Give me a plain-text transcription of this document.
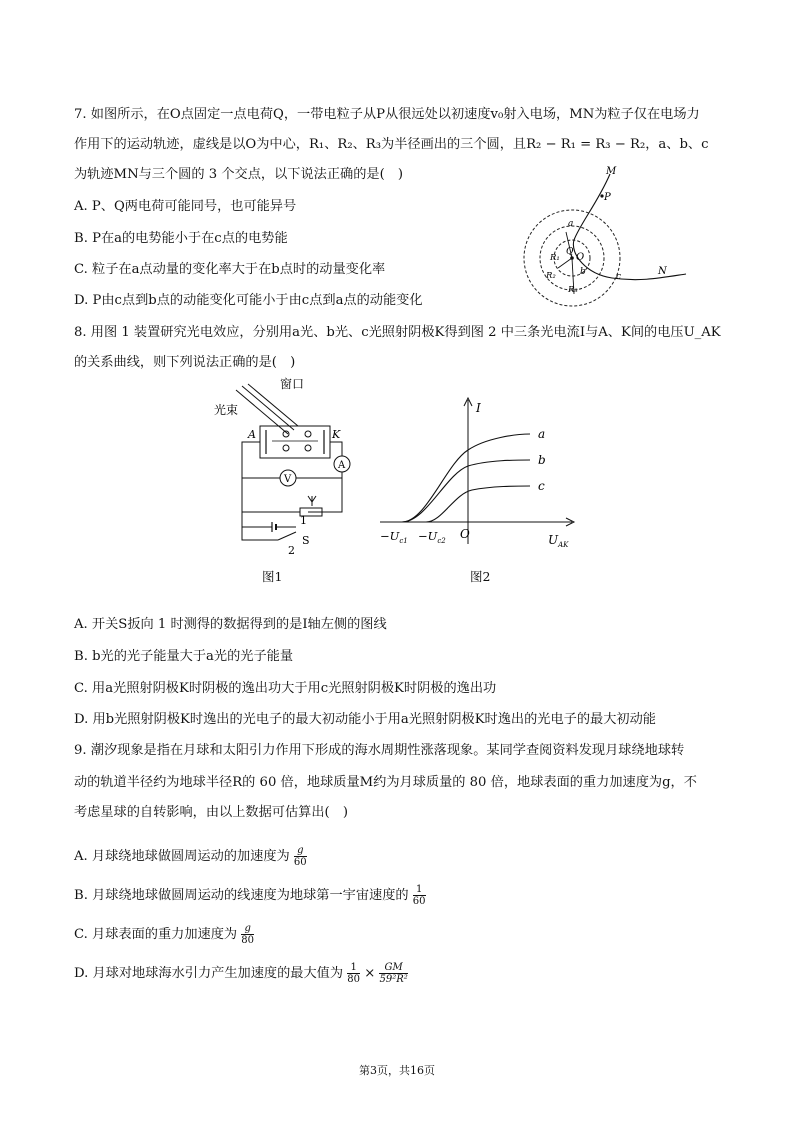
7. 如图所示，在O点固定一点电荷Q，一带电粒子从P从很远处以初速度v₀射入电场，MN为粒子仅在电场力
作用下的运动轨迹，虚线是以O为中心，R₁、R₂、R₃为半径画出的三个圆，且R₂ − R₁ = R₃ − R₂，a、b、c
为轨迹MN与三个圆的 3 个交点，以下说法正确的是(　)
A. P、Q两电荷可能同号，也可能异号
B. P在a的电势能小于在c点的电势能
C. 粒子在a点动量的变化率大于在b点时的动量变化率
D. P由c点到b点的动能变化可能小于由c点到a点的动能变化
M
P
N
O
Q
a
b	c
R₁
R₂
R₃
8. 用图 1 装置研究光电效应，分别用a光、b光、c光照射阴极K得到图 2 中三条光电流I与A、K间的电压U_AK
的关系曲线，则下列说法正确的是(　)
窗口
光束
A	K
A
V
1
2
S
图1
I
O
a
b
c
$-U_{c1} -U_{c2}$	$U_{AK}$
图2
A. 开关S扳向 1 时测得的数据得到的是I轴左侧的图线
B. b光的光子能量大于a光的光子能量
C. 用a光照射阴极K时阴极的逸出功大于用c光照射阴极K时阴极的逸出功
D. 用b光照射阴极K时逸出的光电子的最大初动能小于用a光照射阴极K时逸出的光电子的最大初动能
9. 潮汐现象是指在月球和太阳引力作用下形成的海水周期性涨落现象。某同学查阅资料发现月球绕地球转
动的轨道半径约为地球半径R的 60 倍，地球质量M约为月球质量的 80 倍，地球表面的重力加速度为g，不
考虑星球的自转影响，由以上数据可估算出(　)
A. 月球绕地球做圆周运动的加速度为 $\frac{g}{60}$
B. 月球绕地球做圆周运动的线速度为地球第一宇宙速度的 $\frac{1}{60}$
C. 月球表面的重力加速度为 $\frac{g}{80}$
D. 月球对地球海水引力产生加速度的最大值为 $\frac{1}{80} \times \frac{GM}{\text{59²R²}}$
第3页，共16页
